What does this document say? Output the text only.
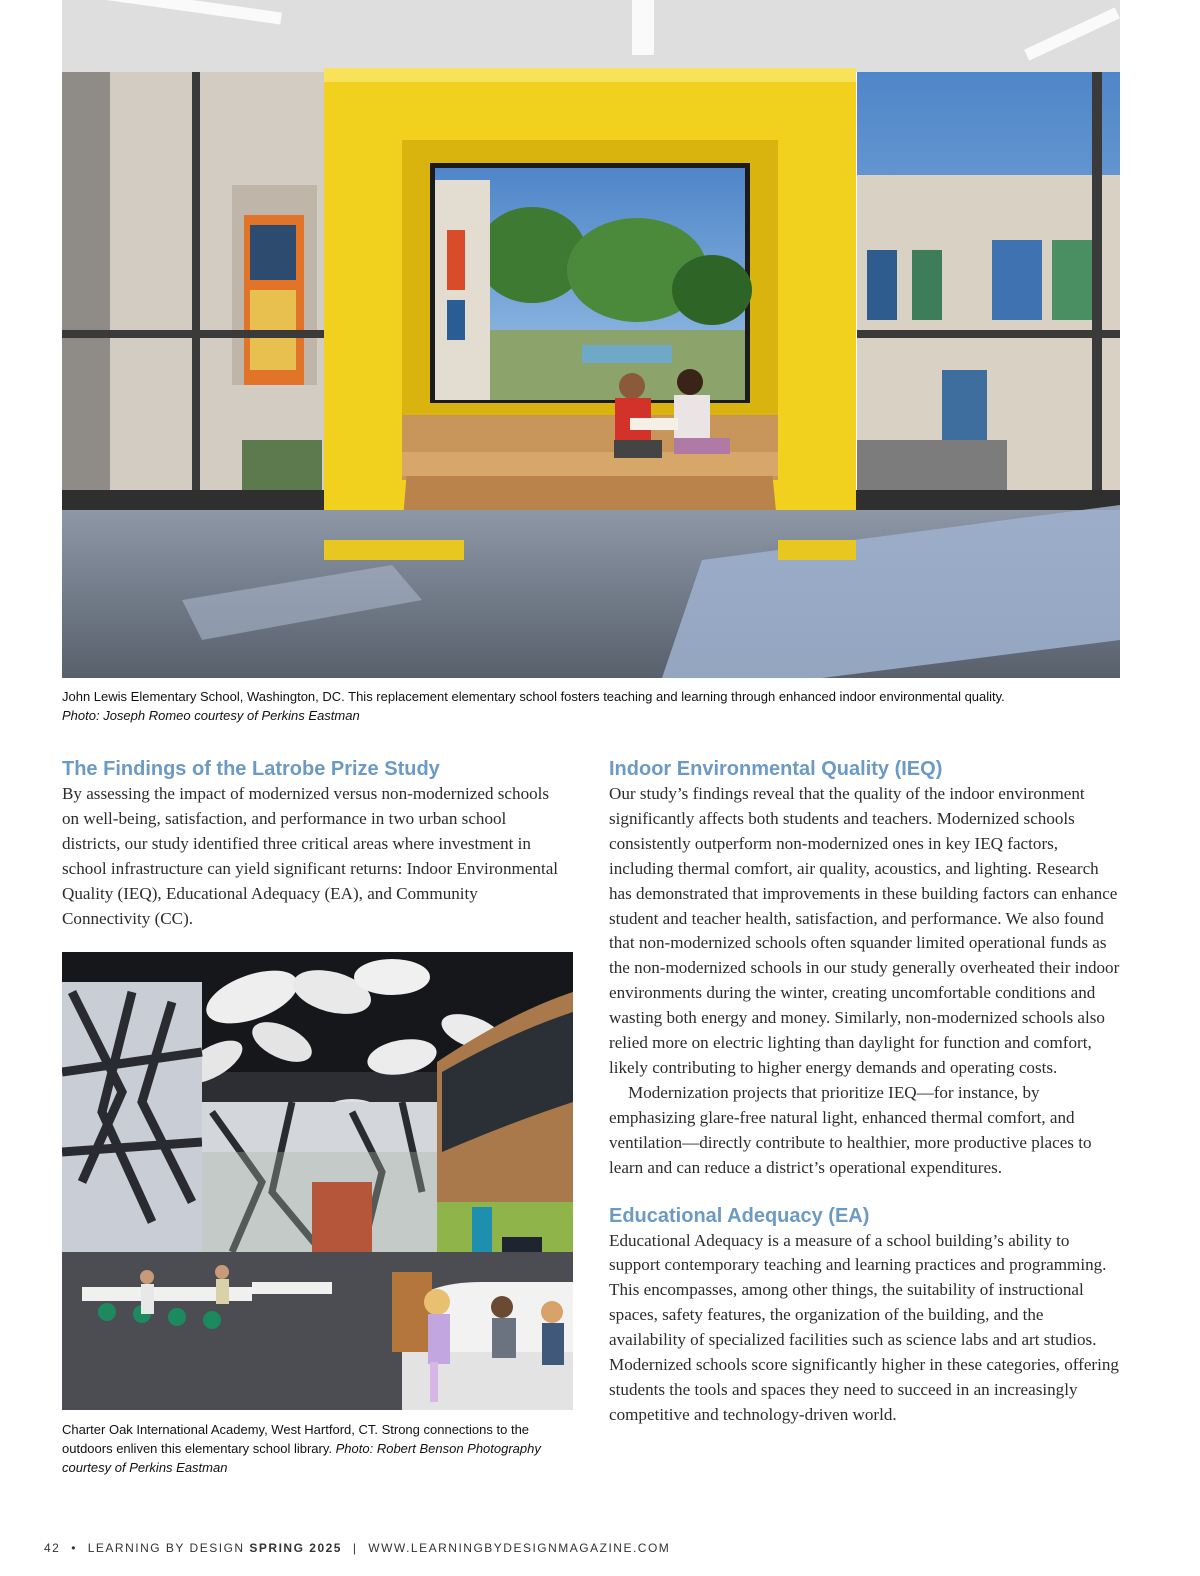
John Lewis Elementary School, Washington, DC. This replacement elementary school fosters teaching and learning through enhanced indoor environmental quality.
Photo: Joseph Romeo courtesy of Perkins Eastman
The Findings of the Latrobe Prize Study

By assessing the impact of modernized versus non-modernized schools on well-being, satisfaction, and performance in two urban school districts, our study identified three critical areas where investment in school infrastructure can yield significant returns: Indoor Environmental Quality (IEQ), Educational Adequacy (EA), and Community Connectivity (CC).

Charter Oak International Academy, West Hartford, CT. Strong connections to the outdoors enliven this elementary school library. Photo: Robert Benson Photography courtesy of Perkins Eastman
Indoor Environmental Quality (IEQ)

Our study’s findings reveal that the quality of the indoor environment significantly affects both students and teachers. Modernized schools consistently outperform non-modernized ones in key IEQ factors, including thermal comfort, air quality, acoustics, and lighting. Research has demonstrated that improvements in these building factors can enhance student and teacher health, satisfaction, and performance. We also found that non-modernized schools often squander limited operational funds as the non-modernized schools in our study generally overheated their indoor environments during the winter, creating uncomfortable conditions and wasting both energy and money. Similarly, non-modernized schools also relied more on electric lighting than daylight for function and comfort, likely contributing to higher energy demands and operating costs.

Modernization projects that prioritize IEQ—for instance, by emphasizing glare-free natural light, enhanced thermal comfort, and ventilation—directly contribute to healthier, more productive places to learn and can reduce a district’s operational expenditures.

Educational Adequacy (EA)

Educational Adequacy is a measure of a school building’s ability to support contemporary teaching and learning practices and programming. This encompasses, among other things, the suitability of instructional spaces, safety features, the organization of the building, and the availability of specialized facilities such as science labs and art studios. Modernized schools score significantly higher in these categories, offering students the tools and spaces they need to succeed in an increasingly competitive and technology-driven world.

42 • LEARNING BY DESIGN SPRING 2025 | WWW.LEARNINGBYDESIGNMAGAZINE.COM
